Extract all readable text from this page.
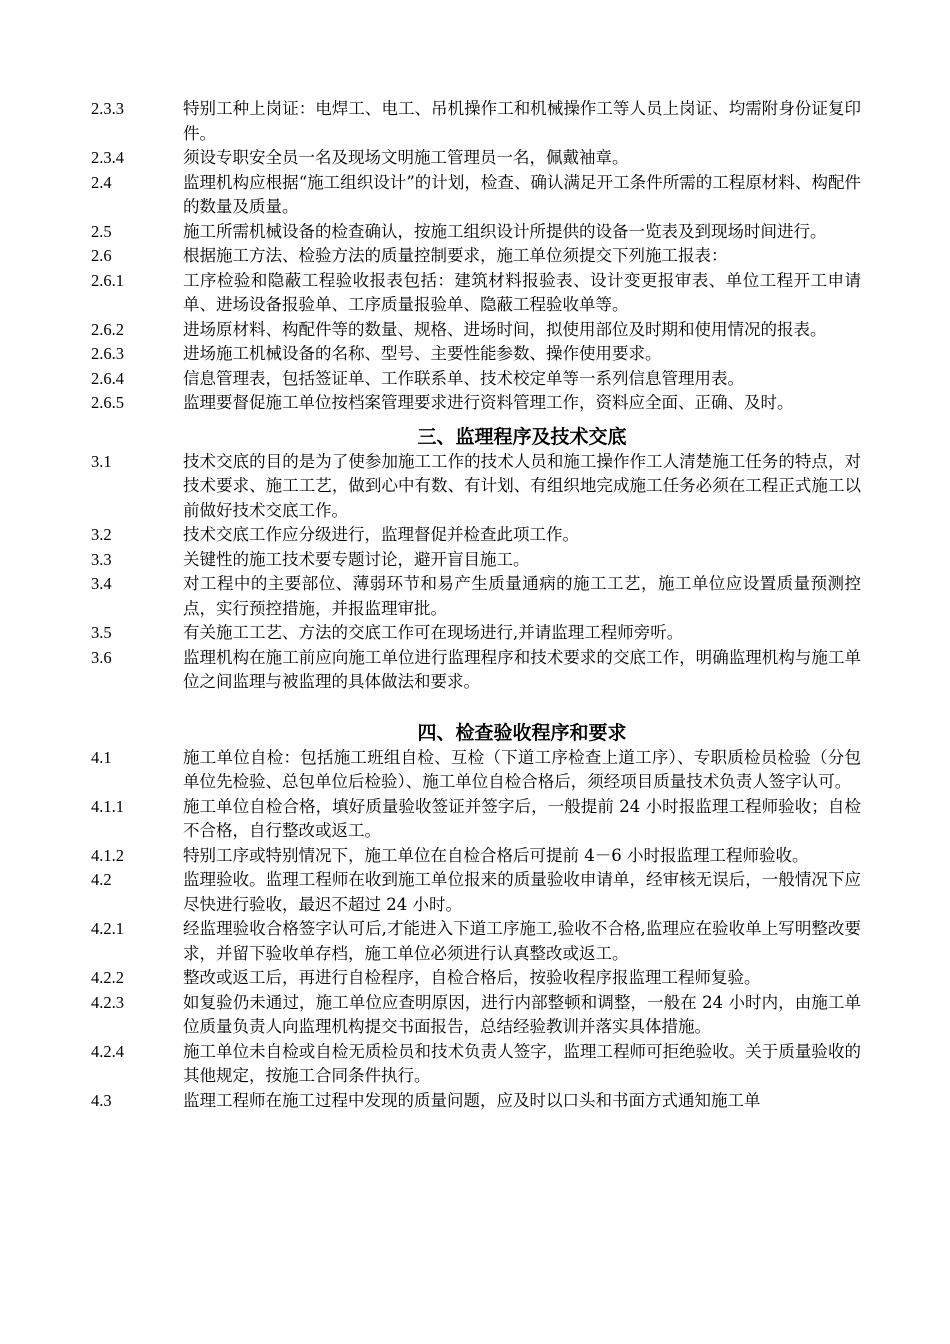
2.3.3	特别工种上岗证：电焊工、电工、吊机操作工和机械操作工等人员上岗证、均需附身份证复印件。
2.3.4	须设专职安全员一名及现场文明施工管理员一名，佩戴袖章。
2.4	监理机构应根据“施工组织设计”的计划，检查、确认满足开工条件所需的工程原材料、构配件的数量及质量。
2.5	施工所需机械设备的检查确认，按施工组织设计所提供的设备一览表及到现场时间进行。
2.6	根据施工方法、检验方法的质量控制要求，施工单位须提交下列施工报表：
2.6.1	工序检验和隐蔽工程验收报表包括：建筑材料报验表、设计变更报审表、单位工程开工申请单、进场设备报验单、工序质量报验单、隐蔽工程验收单等。
2.6.2	进场原材料、构配件等的数量、规格、进场时间，拟使用部位及时期和使用情况的报表。
2.6.3	进场施工机械设备的名称、型号、主要性能参数、操作使用要求。
2.6.4	信息管理表，包括签证单、工作联系单、技术校定单等一系列信息管理用表。
2.6.5	监理要督促施工单位按档案管理要求进行资料管理工作，资料应全面、正确、及时。
三、监理程序及技术交底
3.1	技术交底的目的是为了使参加施工工作的技术人员和施工操作作工人清楚施工任务的特点，对技术要求、施工工艺，做到心中有数、有计划、有组织地完成施工任务必须在工程正式施工以前做好技术交底工作。
3.2	技术交底工作应分级进行，监理督促并检查此项工作。
3.3	关键性的施工技术要专题讨论，避开盲目施工。
3.4	对工程中的主要部位、薄弱环节和易产生质量通病的施工工艺，施工单位应设置质量预测控点，实行预控措施，并报监理审批。
3.5	有关施工工艺、方法的交底工作可在现场进行,并请监理工程师旁听。
3.6	监理机构在施工前应向施工单位进行监理程序和技术要求的交底工作，明确监理机构与施工单位之间监理与被监理的具体做法和要求。
四、检查验收程序和要求
4.1	施工单位自检：包括施工班组自检、互检（下道工序检查上道工序）、专职质检员检验（分包单位先检验、总包单位后检验）、施工单位自检合格后，须经项目质量技术负责人签字认可。
4.1.1	施工单位自检合格，填好质量验收签证并签字后，一般提前 24 小时报监理工程师验收；自检不合格，自行整改或返工。
4.1.2	特别工序或特别情况下，施工单位在自检合格后可提前 4－6 小时报监理工程师验收。
4.2	监理验收。监理工程师在收到施工单位报来的质量验收申请单，经审核无误后，一般情况下应尽快进行验收，最迟不超过 24 小时。
4.2.1	经监理验收合格签字认可后,才能进入下道工序施工,验收不合格,监理应在验收单上写明整改要求，并留下验收单存档，施工单位必须进行认真整改或返工。
4.2.2	整改或返工后，再进行自检程序，自检合格后，按验收程序报监理工程师复验。
4.2.3	如复验仍未通过，施工单位应查明原因，进行内部整顿和调整，一般在 24 小时内，由施工单位质量负责人向监理机构提交书面报告，总结经验教训并落实具体措施。
4.2.4	施工单位未自检或自检无质检员和技术负责人签字，监理工程师可拒绝验收。关于质量验收的其他规定，按施工合同条件执行。
4.3	监理工程师在施工过程中发现的质量问题，应及时以口头和书面方式通知施工单
